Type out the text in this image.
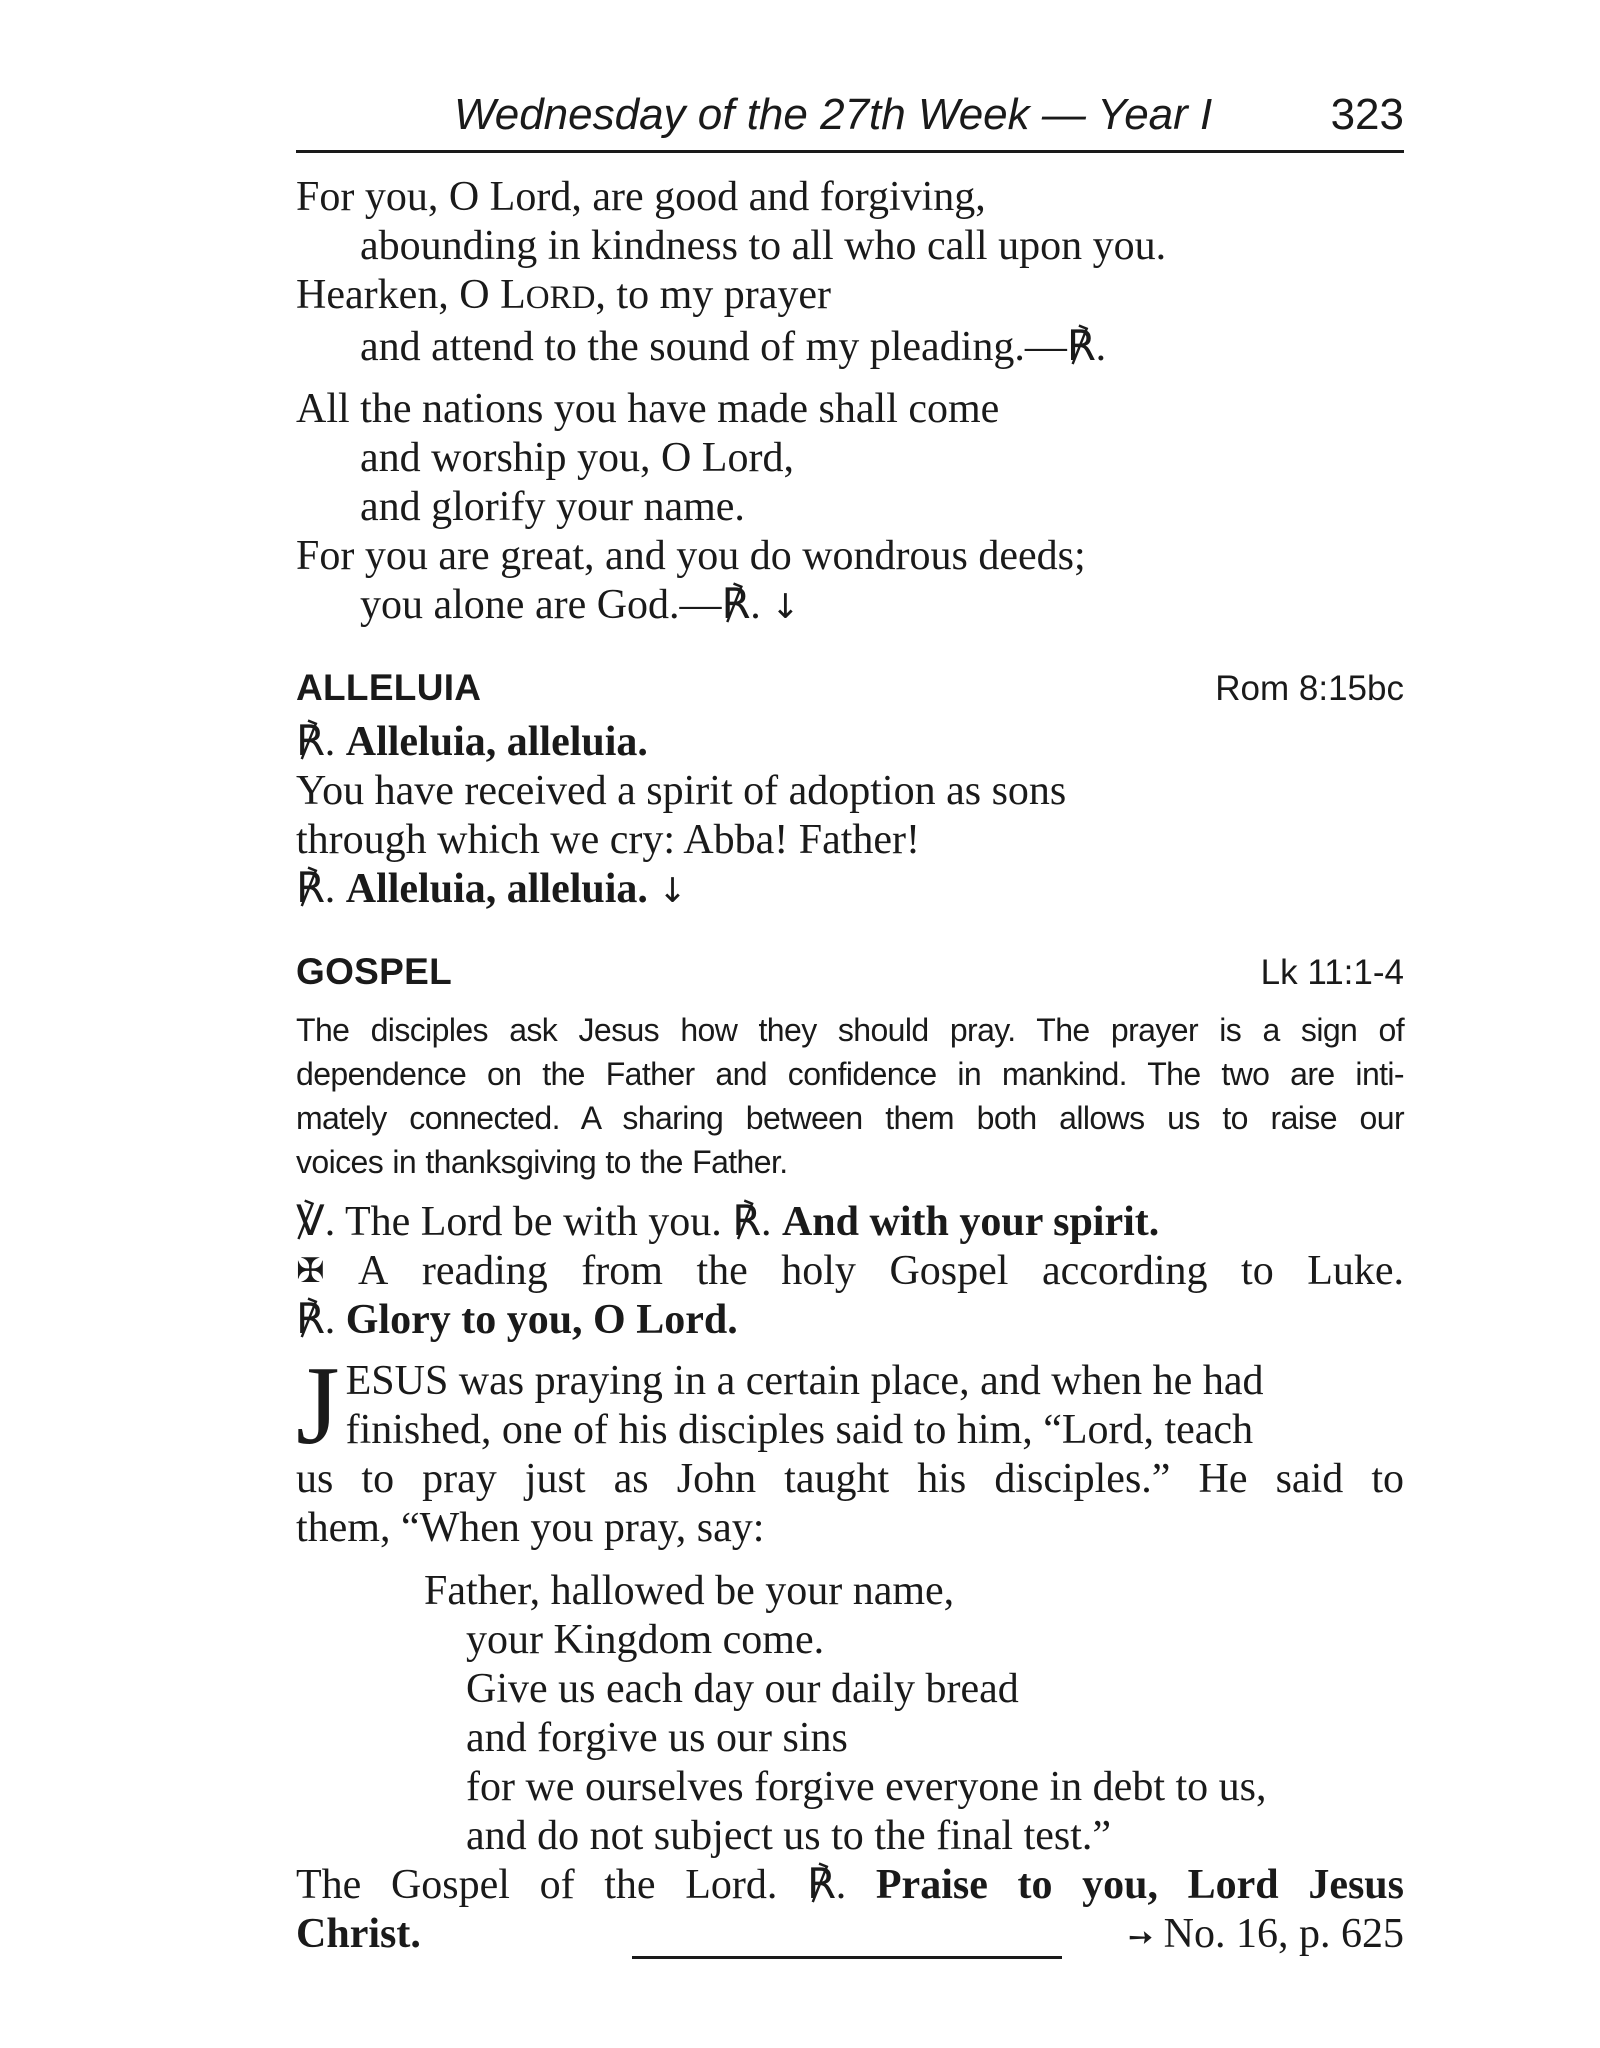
Wednesday of the 27th Week — Year I	323
For you, O Lord, are good and forgiving,
abounding in kindness to all who call upon you.
Hearken, O LORD, to my prayer
and attend to the sound of my pleading.—℟.
All the nations you have made shall come
and worship you, O Lord,
and glorify your name.
For you are great, and you do wondrous deeds;
you alone are God.—℟. ↓
ALLELUIA	Rom 8:15bc
℟. Alleluia, alleluia.
You have received a spirit of adoption as sons
through which we cry: Abba! Father!
℟. Alleluia, alleluia. ↓
GOSPEL	Lk 11:1-4
The disciples ask Jesus how they should pray. The prayer is a sign of
dependence on the Father and confidence in mankind. The two are inti-
mately connected. A sharing between them both allows us to raise our
voices in thanksgiving to the Father.
℣. The Lord be with you. ℟. And with your spirit.
✠ A reading from the holy Gospel according to Luke.
℟. Glory to you, O Lord.
J ESUS was praying in a certain place, and when he had
finished, one of his disciples said to him, “Lord, teach
us to pray just as John taught his disciples.” He said to
them, “When you pray, say:
Father, hallowed be your name,
your Kingdom come.
Give us each day our daily bread
and forgive us our sins
for we ourselves forgive everyone in debt to us,
and do not subject us to the final test.”
The Gospel of the Lord. ℟. Praise to you, Lord Jesus
Christ.	➙ No. 16, p. 625
